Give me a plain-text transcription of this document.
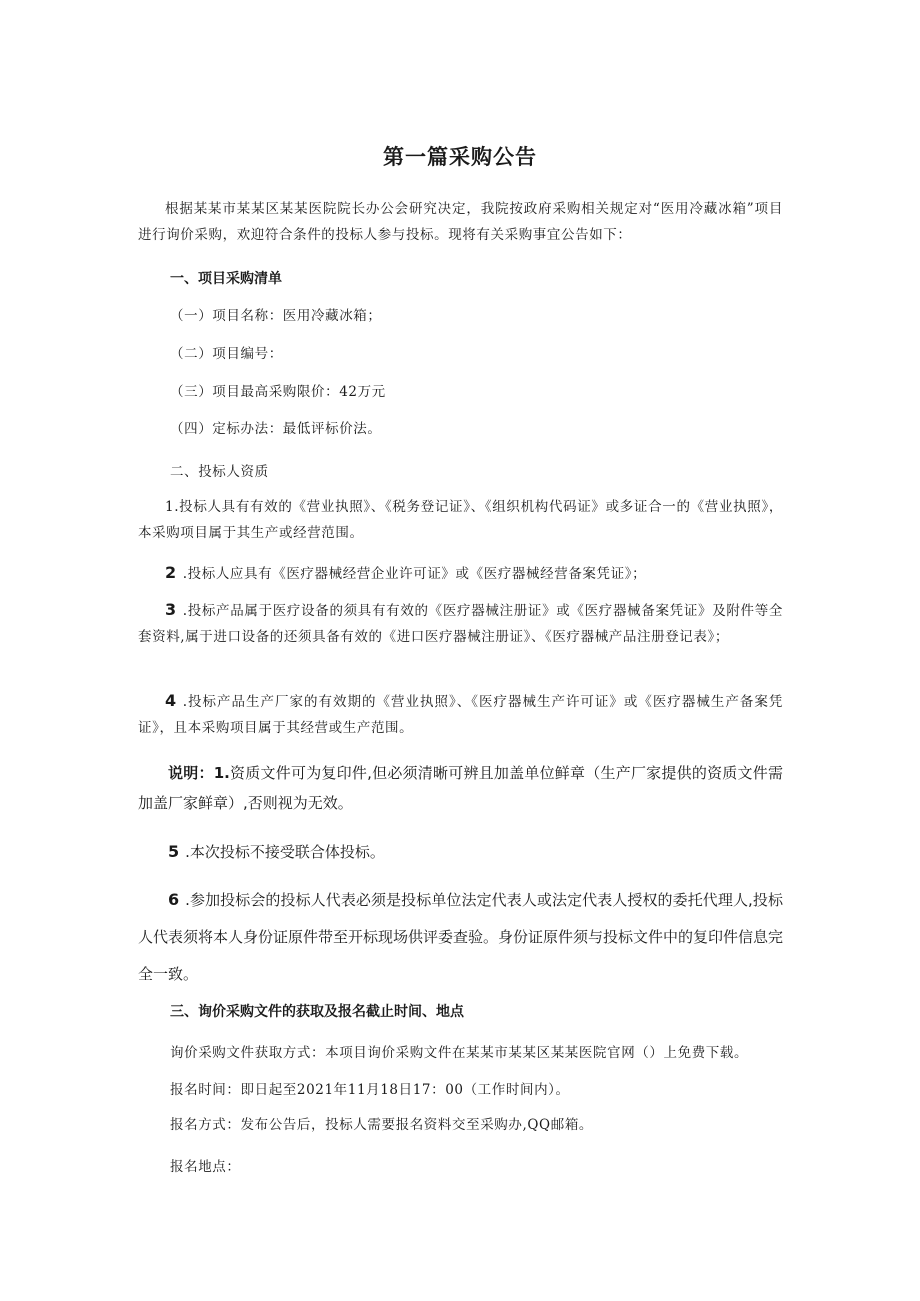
第一篇采购公告
根据某某市某某区某某医院院长办公会研究决定，我院按政府采购相关规定对“医用冷藏冰箱”项目进行询价采购，欢迎符合条件的投标人参与投标。现将有关采购事宜公告如下：
一、项目采购清单
（一）项目名称：医用冷藏冰箱；
（二）项目编号：
（三）项目最高采购限价：42万元
（四）定标办法：最低评标价法。
二、投标人资质
1.投标人具有有效的《营业执照》、《税务登记证》、《组织机构代码证》或多证合一的《营业执照》，本采购项目属于其生产或经营范围。
2 .投标人应具有《医疗器械经营企业许可证》或《医疗器械经营备案凭证》；
3 .投标产品属于医疗设备的须具有有效的《医疗器械注册证》或《医疗器械备案凭证》及附件等全套资料,属于进口设备的还须具备有效的《进口医疗器械注册证》、《医疗器械产品注册登记表》；
4 .投标产品生产厂家的有效期的《营业执照》、《医疗器械生产许可证》或《医疗器械生产备案凭证》，且本采购项目属于其经营或生产范围。
说明：1.资质文件可为复印件,但必须清晰可辨且加盖单位鲜章（生产厂家提供的资质文件需加盖厂家鲜章）,否则视为无效。
5 .本次投标不接受联合体投标。
6 .参加投标会的投标人代表必须是投标单位法定代表人或法定代表人授权的委托代理人,投标人代表须将本人身份证原件带至开标现场供评委查验。身份证原件须与投标文件中的复印件信息完全一致。
三、询价采购文件的获取及报名截止时间、地点
询价采购文件获取方式：本项目询价采购文件在某某市某某区某某医院官网（）上免费下载。
报名时间：即日起至2021年11月18日17：00（工作时间内）。
报名方式：发布公告后，投标人需要报名资料交至采购办,QQ邮箱。
报名地点：
